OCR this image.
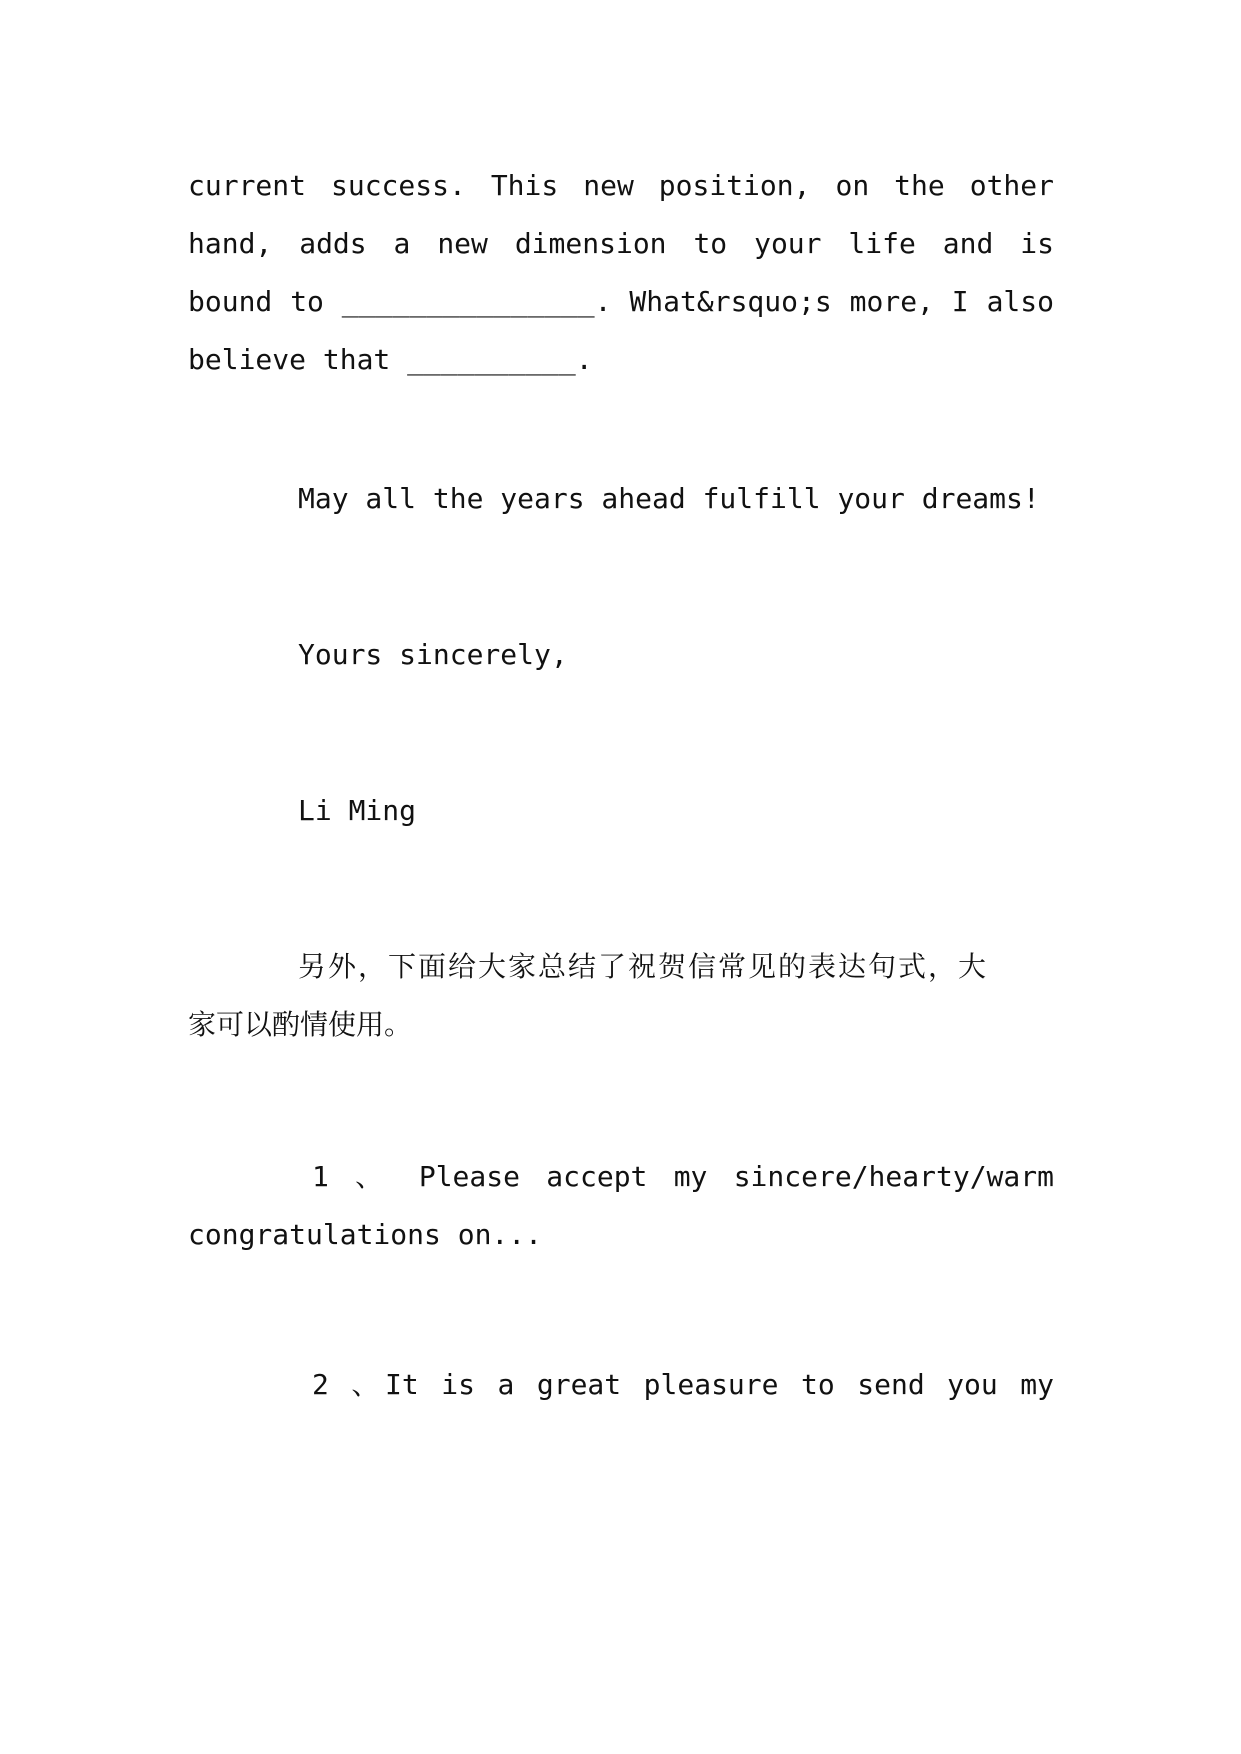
current success. This new position, on the other
hand, adds a new dimension to your life and is
bound to _______________. What&rsquo;s more, I also
believe that __________.

May all the years ahead fulfill your dreams!

Yours sincerely,

Li Ming

另外，下面给大家总结了祝贺信常见的表达句式，大
家可以酌情使用。
1 、 Please accept my sincere/hearty/warm
congratulations on...
2 、It is a great pleasure to send you my
